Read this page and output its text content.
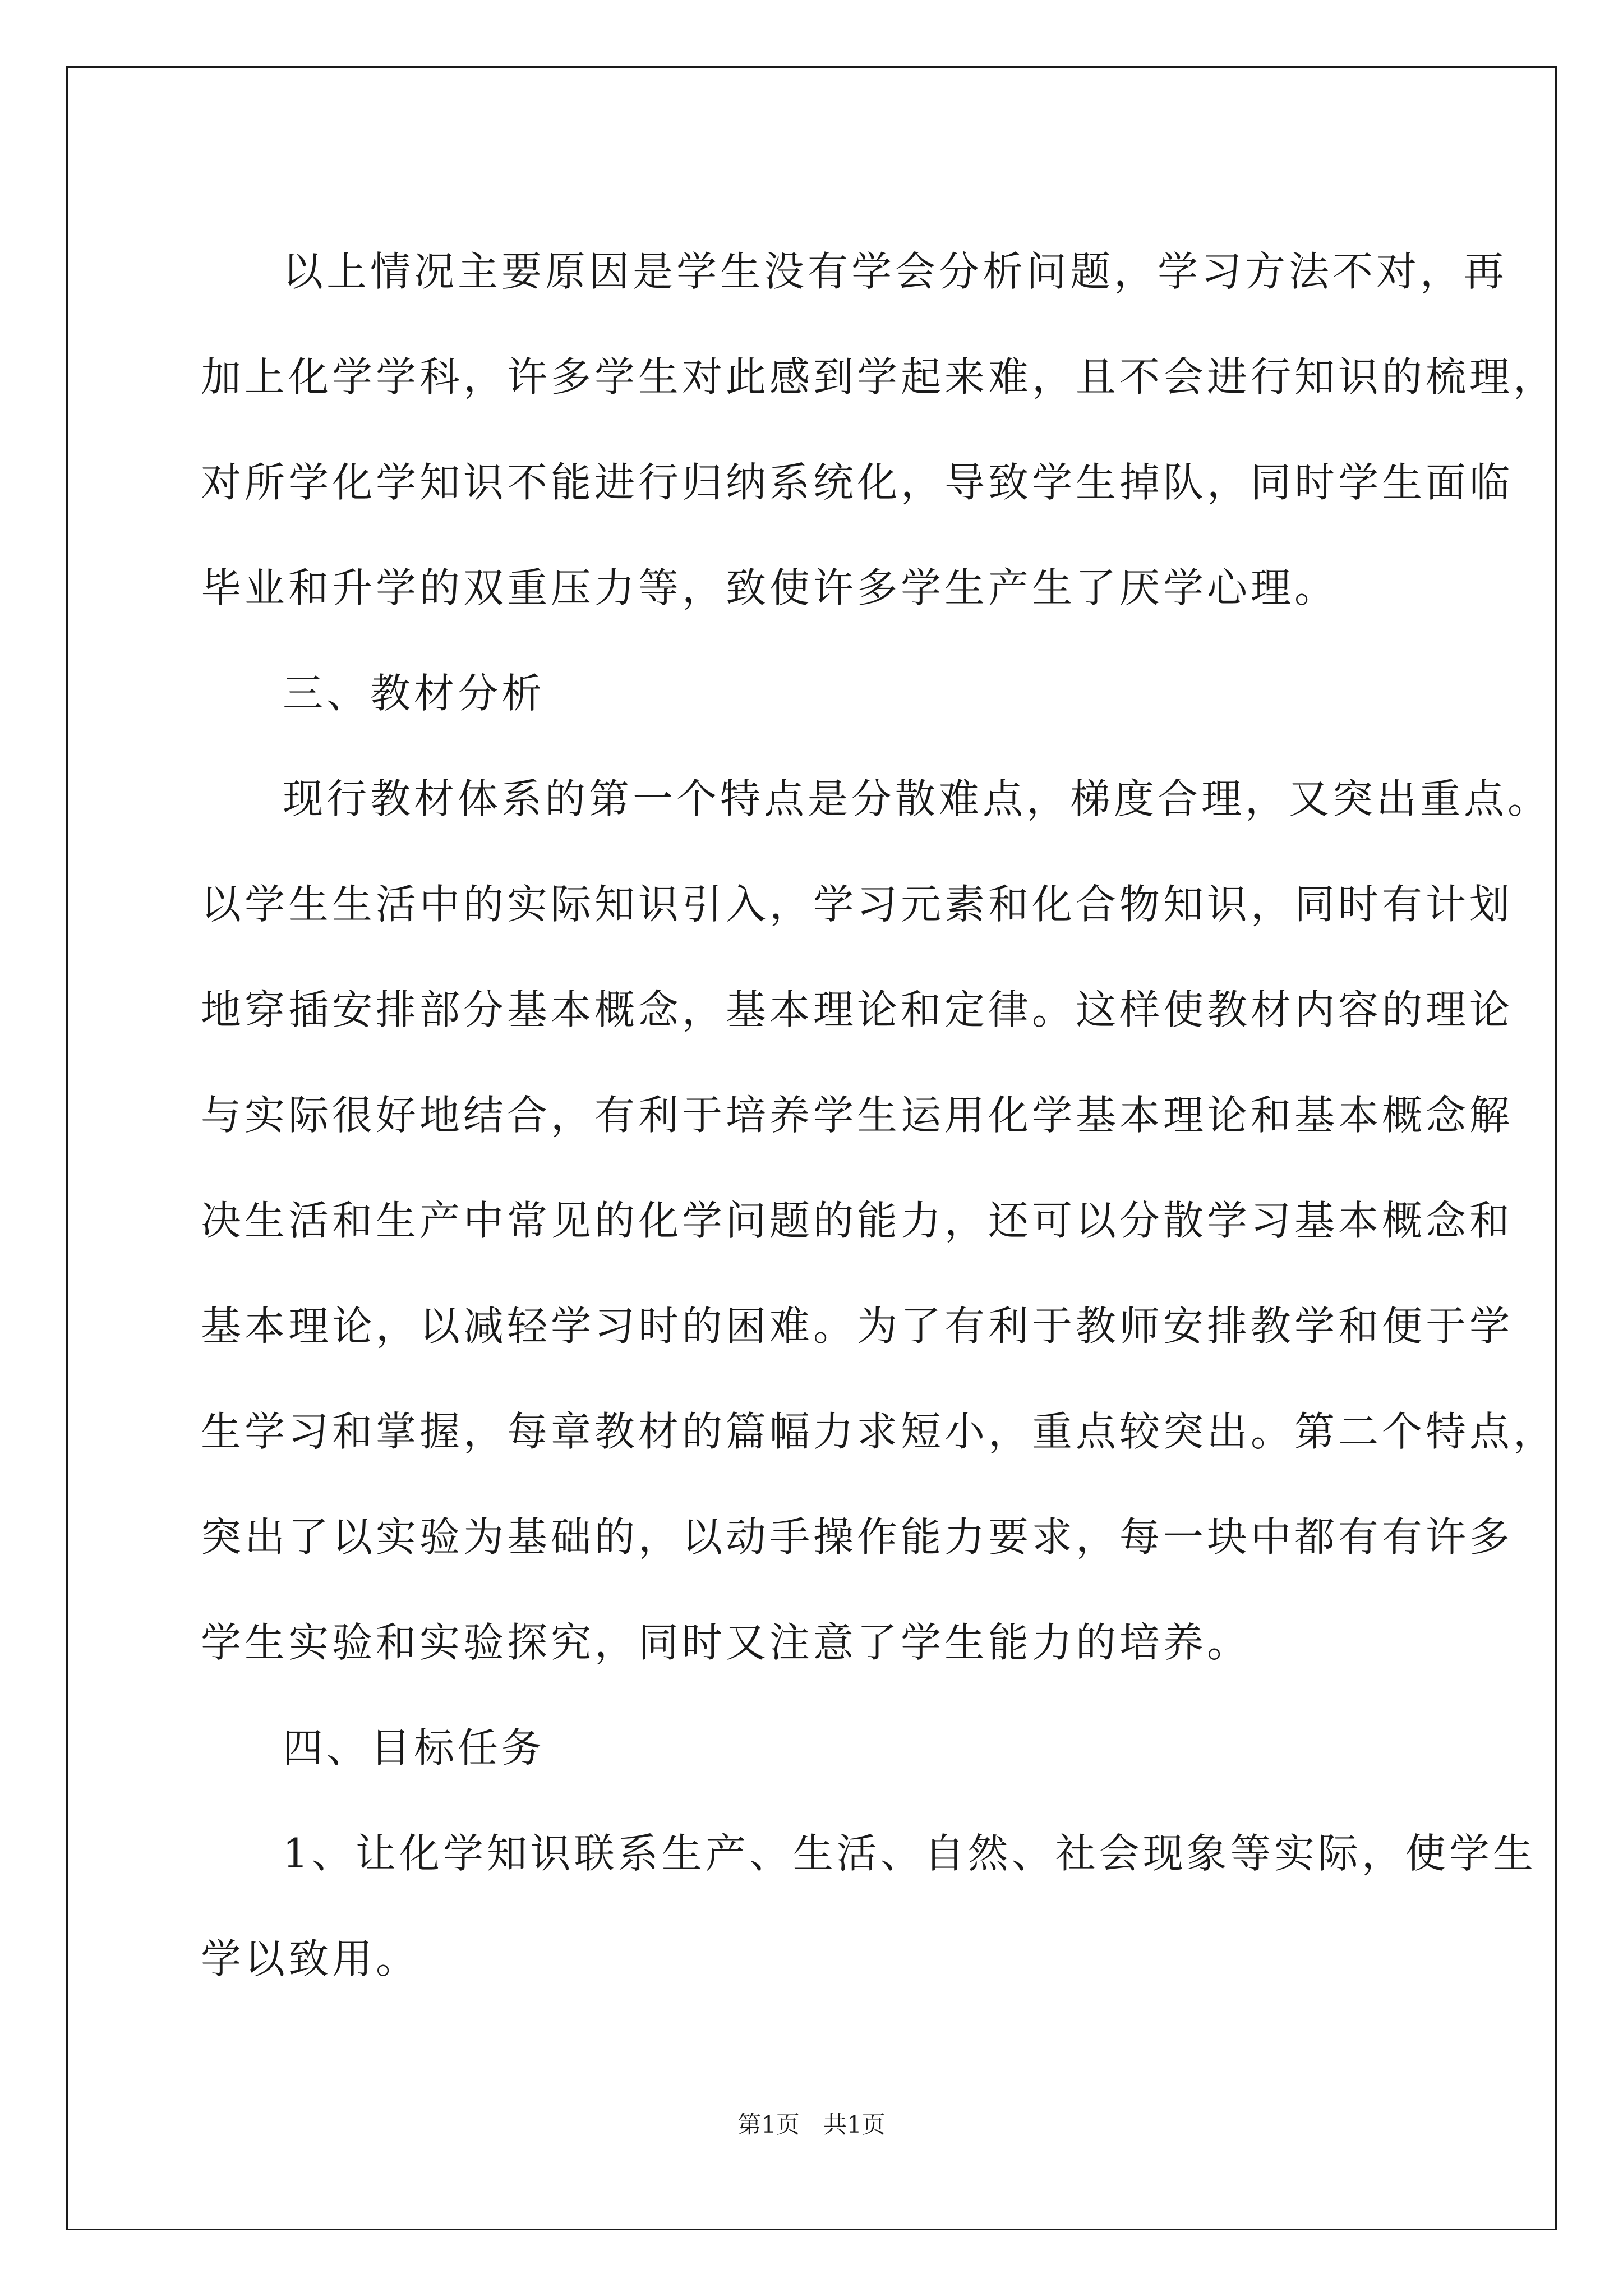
以上情况主要原因是学生没有学会分析问题，学习方法不对，再
加上化学学科，许多学生对此感到学起来难，且不会进行知识的梳理，
对所学化学知识不能进行归纳系统化，导致学生掉队，同时学生面临
毕业和升学的双重压力等，致使许多学生产生了厌学心理。
三、教材分析
现行教材体系的第一个特点是分散难点，梯度合理，又突出重点。
以学生生活中的实际知识引入，学习元素和化合物知识，同时有计划
地穿插安排部分基本概念，基本理论和定律。这样使教材内容的理论
与实际很好地结合，有利于培养学生运用化学基本理论和基本概念解
决生活和生产中常见的化学问题的能力，还可以分散学习基本概念和
基本理论，以减轻学习时的困难。为了有利于教师安排教学和便于学
生学习和掌握，每章教材的篇幅力求短小，重点较突出。第二个特点，
突出了以实验为基础的，以动手操作能力要求，每一块中都有有许多
学生实验和实验探究，同时又注意了学生能力的培养。
四、目标任务
1、让化学知识联系生产、生活、自然、社会现象等实际，使学生
学以致用。
第1页　共1页
